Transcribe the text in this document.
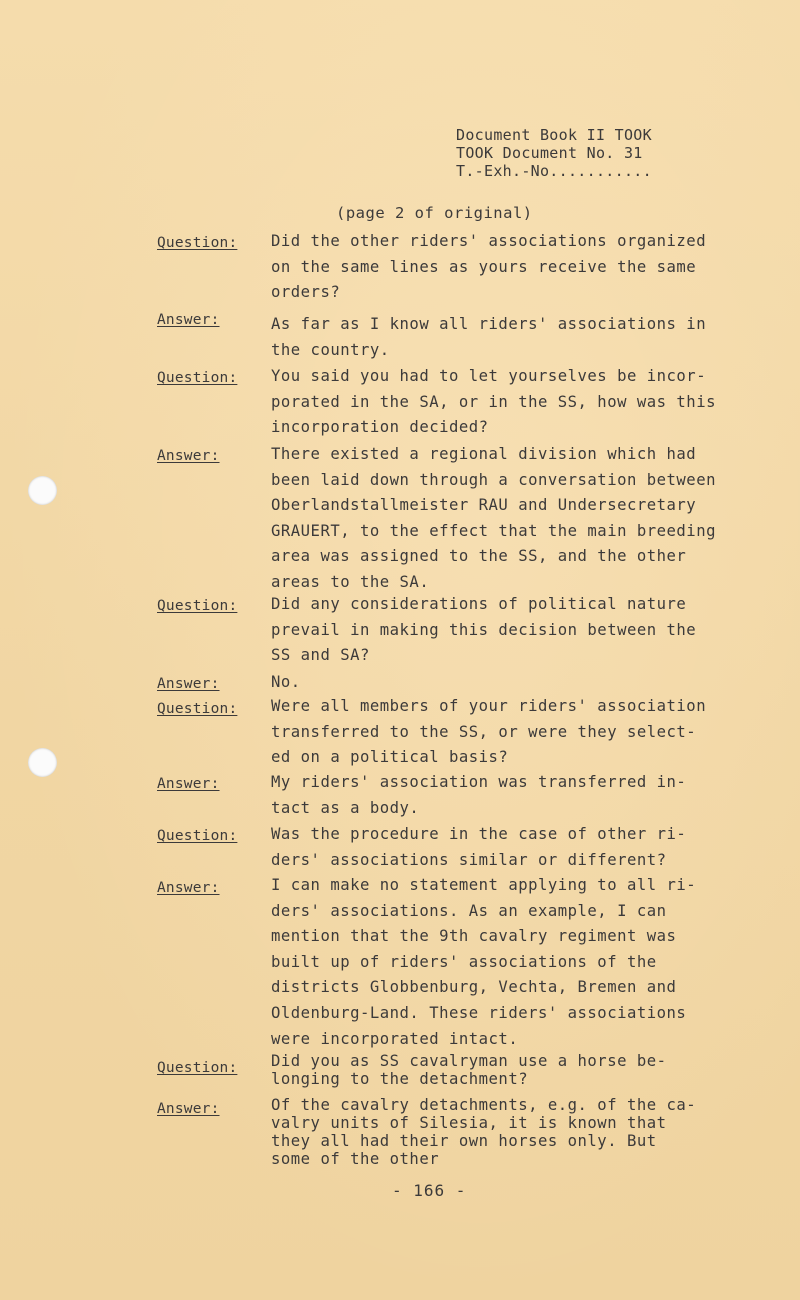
Document Book II TOOK
TOOK Document No. 31
T.-Exh.-No...........
(page 2 of original)
Question: Did the other riders' associations organized
on the same lines as yours receive the same
orders?
Answer:	As far as I know all riders' associations in
the country.
Question: You said you had to let yourselves be incor-
porated in the SA, or in the SS, how was this
incorporation decided?
Answer:	There existed a regional division which had
been laid down through a conversation between
Oberlandstallmeister RAU and Undersecretary
GRAUERT, to the effect that the main breeding
area was assigned to the SS, and the other
areas to the SA.
Question: Did any considerations of political nature
prevail in making this decision between the
SS and SA?
Answer:	No.
Question: Were all members of your riders' association
transferred to the SS, or were they select-
ed on a political basis?
Answer:	My riders' association was transferred in-
tact as a body.
Question: Was the procedure in the case of other ri-
ders' associations similar or different?
Answer:	I can make no statement applying to all ri-
ders' associations. As an example, I can
mention that the 9th cavalry regiment was
built up of riders' associations of the
districts Globbenburg, Vechta, Bremen and
Oldenburg-Land. These riders' associations
were incorporated intact.
Question: Did you as SS cavalryman use a horse be-
longing to the detachment?
Answer:	Of the cavalry detachments, e.g. of the ca-
valry units of Silesia, it is known that
they all had their own horses only. But
some of the other
- 166 -
